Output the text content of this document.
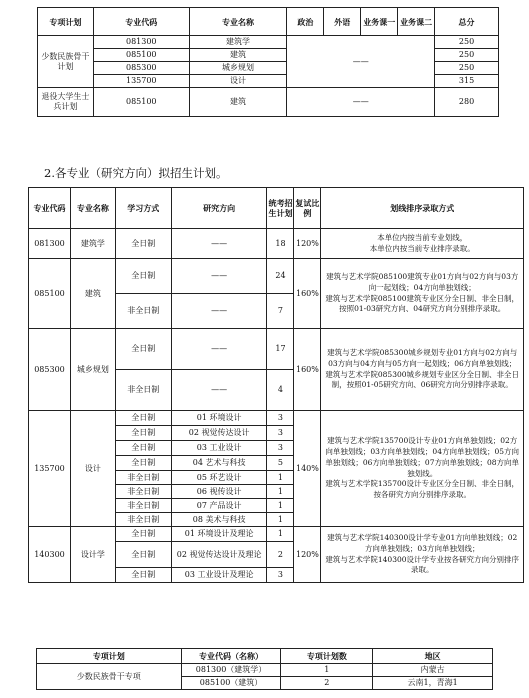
专项计划	专业代码	专业名称	政治	外语	业务课一	业务课二	总分
少数民族骨干计划	081300	建筑学	——				250
	085100	建筑					250
	085300	城乡规划					250
	135700	设计					315
退役大学生士兵计划	085100	建筑	——				280
2.各专业（研究方向）拟招生计划。
专业代码	专业名称	学习方式	研究方向	统考招生计划	复试比例	划线排序录取方式
081300	建筑学	全日制	——	18	120%	本单位内按当前专业划线，

本单位内按当前专业排序录取。

085100	建筑	全日制	——	24	160%	建筑与艺术学院085100建筑专业01方向与02方向与03方向一起划线；04方向单独划线；

建筑与艺术学院085100建筑专业区分全日制、非全日制，按照01-03研究方向、04研究方向分别排序录取。

		非全日制	——	7		
085300	城乡规划	全日制	——	17	160%	建筑与艺术学院085300城乡规划专业01方向与02方向与03方向与04方向与05方向一起划线；06方向单独划线；

建筑与艺术学院085300城乡规划专业区分全日制、非全日制，按照01-05研究方向、06研究方向分别排序录取。

		非全日制	——	4		
135700	设计	全日制	01 环境设计	3	140%	建筑与艺术学院135700设计专业01方向单独划线；02方向单独划线；03方向单独划线；04方向单独划线；05方向单独划线；06方向单独划线；07方向单独划线；08方向单独划线。

建筑与艺术学院135700设计专业区分全日制、非全日制，按各研究方向分别排序录取。

		全日制	02 视觉传达设计	3		
		全日制	03 工业设计	3		
		全日制	04 艺术与科技	5		
		非全日制	05 环艺设计	1		
		非全日制	06 视传设计	1		
		非全日制	07 产品设计	1		
		非全日制	08 美术与科技	1		
140300	设计学	全日制	01 环境设计及理论	1	120%	建筑与艺术学院140300设计学专业01方向单独划线；02方向单独划线；03方向单独划线；

建筑与艺术学院140300设计学专业按各研究方向分别排序录取。

		全日制	02 视觉传达设计及理论	2		
		全日制	03 工业设计及理论	3		
专项计划	专业代码（名称）	专项计划数	地区
少数民族骨干专项	081300（建筑学）	1	内蒙古
	085100（建筑）	2	云南1，青海1
